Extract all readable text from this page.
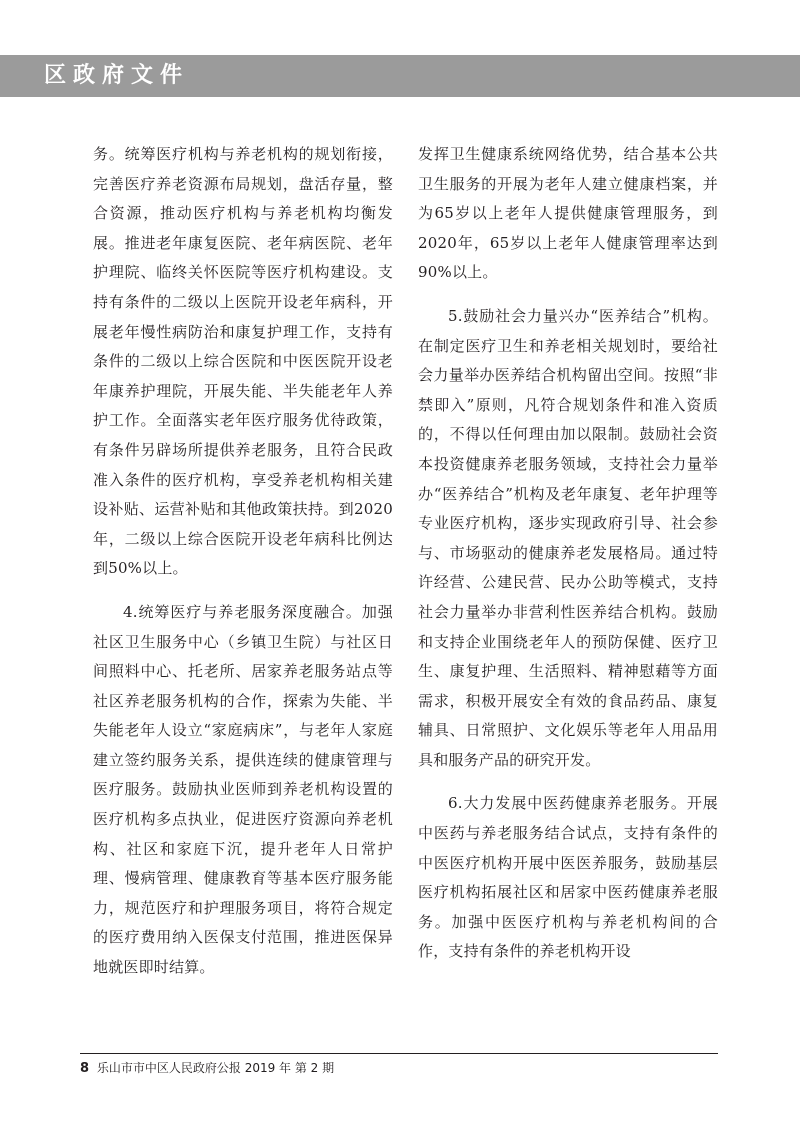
区政府文件

务。统筹医疗机构与养老机构的规划衔接，完善医疗养老资源布局规划，盘活存量，整合资源，推动医疗机构与养老机构均衡发展。推进老年康复医院、老年病医院、老年护理院、临终关怀医院等医疗机构建设。支持有条件的二级以上医院开设老年病科，开展老年慢性病防治和康复护理工作，支持有条件的二级以上综合医院和中医医院开设老年康养护理院，开展失能、半失能老年人养护工作。全面落实老年医疗服务优待政策，有条件另辟场所提供养老服务，且符合民政准入条件的医疗机构，享受养老机构相关建设补贴、运营补贴和其他政策扶持。到2020年，二级以上综合医院开设老年病科比例达到50%以上。

4.统筹医疗与养老服务深度融合。加强社区卫生服务中心（乡镇卫生院）与社区日间照料中心、托老所、居家养老服务站点等社区养老服务机构的合作，探索为失能、半失能老年人设立“家庭病床”，与老年人家庭建立签约服务关系，提供连续的健康管理与医疗服务。鼓励执业医师到养老机构设置的医疗机构多点执业，促进医疗资源向养老机构、社区和家庭下沉，提升老年人日常护理、慢病管理、健康教育等基本医疗服务能力，规范医疗和护理服务项目，将符合规定的医疗费用纳入医保支付范围，推进医保异地就医即时结算。

发挥卫生健康系统网络优势，结合基本公共卫生服务的开展为老年人建立健康档案，并为65岁以上老年人提供健康管理服务，到2020年，65岁以上老年人健康管理率达到90%以上。

5.鼓励社会力量兴办“医养结合”机构。在制定医疗卫生和养老相关规划时，要给社会力量举办医养结合机构留出空间。按照“非禁即入”原则，凡符合规划条件和准入资质的，不得以任何理由加以限制。鼓励社会资本投资健康养老服务领域，支持社会力量举办“医养结合”机构及老年康复、老年护理等专业医疗机构，逐步实现政府引导、社会参与、市场驱动的健康养老发展格局。通过特许经营、公建民营、民办公助等模式，支持社会力量举办非营利性医养结合机构。鼓励和支持企业围绕老年人的预防保健、医疗卫生、康复护理、生活照料、精神慰藉等方面需求，积极开展安全有效的食品药品、康复辅具、日常照护、文化娱乐等老年人用品用具和服务产品的研究开发。

6.大力发展中医药健康养老服务。开展中医药与养老服务结合试点，支持有条件的中医医疗机构开展中医医养服务，鼓励基层医疗机构拓展社区和居家中医药健康养老服务。加强中医医疗机构与养老机构间的合作，支持有条件的养老机构开设

8 乐山市市中区人民政府公报 2019 年 第 2 期
